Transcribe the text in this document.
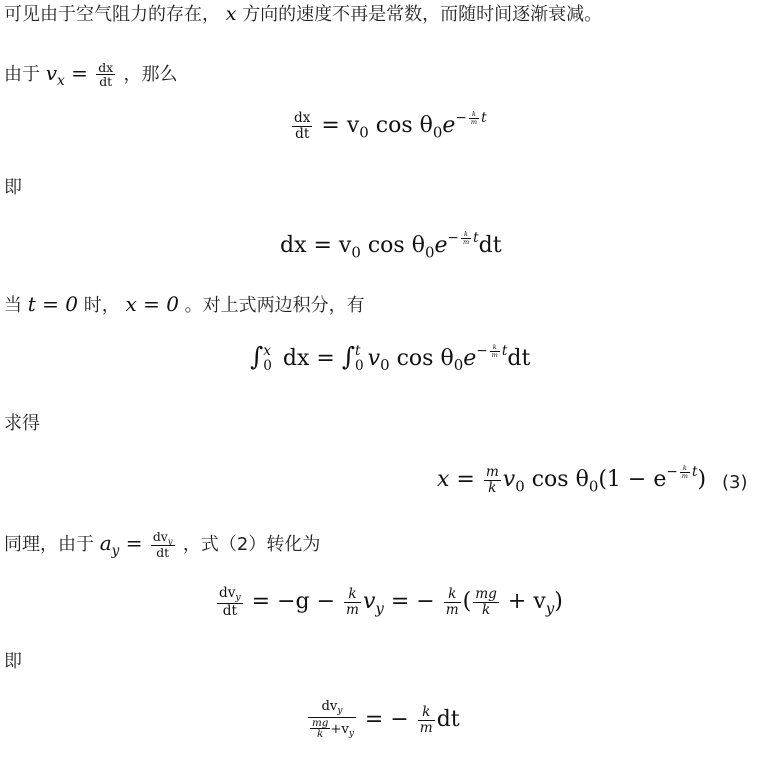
可见由于空气阻力的存在， x 方向的速度不再是常数，而随时间逐渐衰减。
由于 $v_x = \frac{dx}{dt}$ ，那么
$\frac{dx}{dt} = v_0$ $\cos \theta_0e^{- \frac{k}{m} t}$
即
dx = $v_0$ $\cos \theta_0e^{- \frac{k}{m} t}dt$
当 t = 0 时， x = 0 。对上式两边积分，有
∫ x
0 dx = ∫ t
0 $v_0$ $\cos \theta_0e^{- \frac{k}{m} t}dt$
求得
$x = \frac{m}{k} v_0$ $\cos \theta_0(1 - e^{- \frac{k}{m} t})$ (3)
同理，由于 $a_y = \frac{dv_y}{dt}$ ，式（2）转化为
$\frac{dv_y}{dt} = -g - \frac{k}{m} v_y$ = − $\frac{k}{m}$ ( $\frac{mg}{k} + v_y$)
即
$\frac{dv_y}{\frac{mg}{k} +v_y}$ = − $\frac{k}{m}$ dt
